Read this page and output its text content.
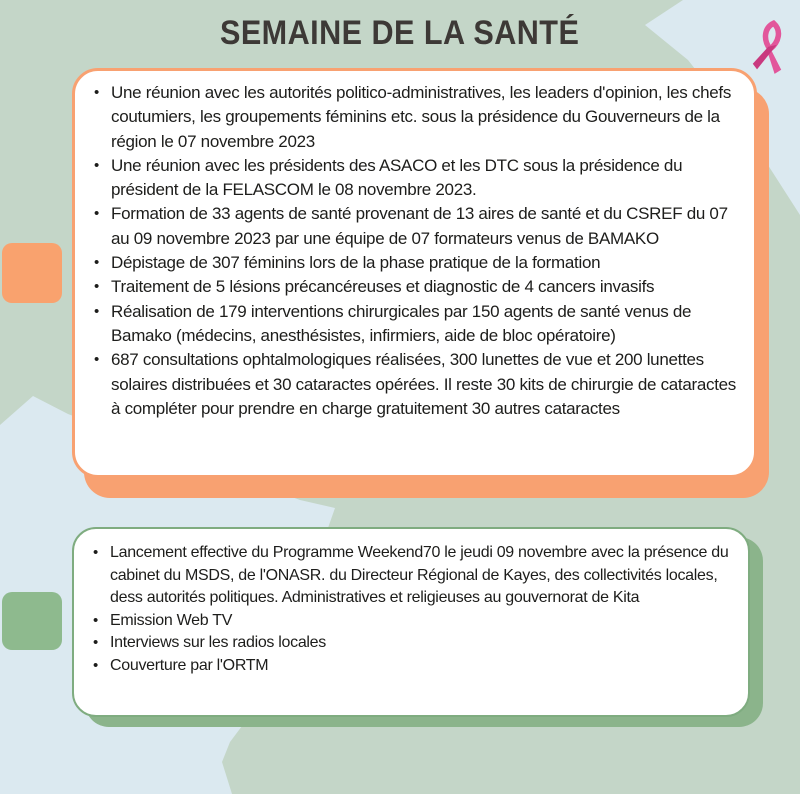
SEMAINE DE LA SANTÉ
• Une réunion avec les autorités politico-administratives, les leaders d'opinion, les chefs coutumiers, les groupements féminins etc. sous la présidence du Gouverneurs de la région le 07 novembre 2023
• Une réunion avec les présidents des ASACO et les DTC sous la présidence du président de la FELASCOM le 08 novembre 2023.
• Formation de 33 agents de santé provenant de 13 aires de santé et du CSREF du 07 au 09 novembre 2023 par une équipe de 07 formateurs venus de BAMAKO
• Dépistage de 307 féminins lors de la phase pratique de la formation
• Traitement de 5 lésions précancéreuses et diagnostic de 4 cancers invasifs
• Réalisation de 179 interventions chirurgicales par 150 agents de santé venus de Bamako (médecins, anesthésistes, infirmiers, aide de bloc opératoire)
• 687 consultations ophtalmologiques réalisées, 300 lunettes de vue et 200 lunettes solaires distribuées et 30 cataractes opérées. Il reste 30 kits de chirurgie de cataractes à compléter pour prendre en charge gratuitement 30 autres cataractes
• Lancement effective du Programme Weekend70 le jeudi 09 novembre avec la présence du cabinet du MSDS, de l'ONASR. du Directeur Régional de Kayes, des collectivités locales, dess autorités politiques. Administratives et religieuses au gouvernorat de Kita
• Emission Web TV
• Interviews sur les radios locales
• Couverture par l'ORTM
